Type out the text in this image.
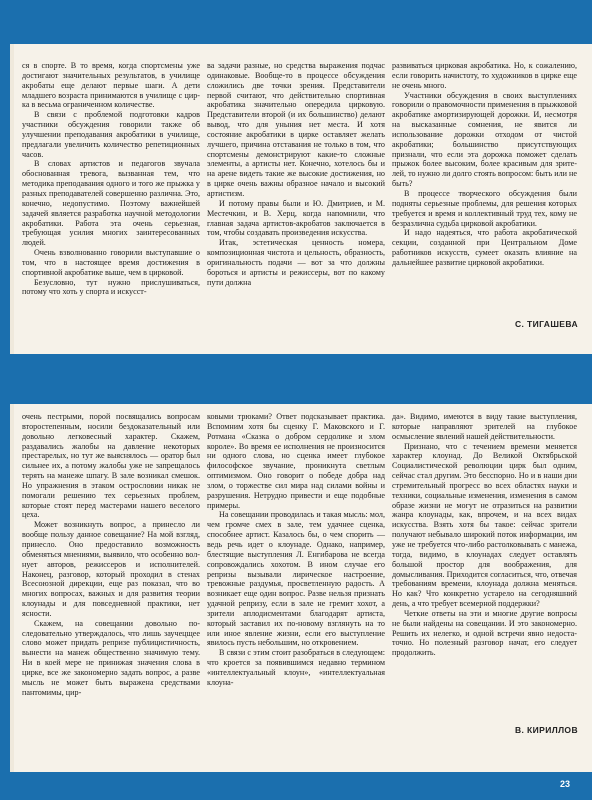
ся в спорте. В то время, когда спортсмены уже достигают значительных результатов, в училище акробаты еще делают первые шаги. А дети младшего возраста принимаются в училище с цирка в весьма ограниченном количестве.

В связи с проблемой подготовки кадров участники обсуждения говорили также об улучшении преподавания акробатики в училище, предлагали увеличить количество репетиционных часов.

В словах артистов и педагогов звучала обоснованная тревога, вызванная тем, что методика преподавания одного и того же прыжка у разных преподавателей совершенно различна. Это, конечно, недопустимо. Поэтому важнейшей задачей является разработка научной методологии акробатики. Работа эта очень серьезная, требующая усилия многих заинтересованных людей.

Очень взволнованно говорили выступавшие о том, что в настоящее время достижения в спортивной акробатике выше, чем в цирковой.

Безусловно, тут нужно прислушиваться, потому что хоть у спорта и искусст-

ва задачи разные, но средства выражения подчас одинаковые. Вообще-то в процессе обсуждения сложились две точки зрения. Представители первой считают, что действительно спортивная акробатика значительно опередила цирковую. Представители второй (и их большинство) делают вывод, что для уныния нет места. И хотя состояние акробатики в цирке оставляет желать лучшего, причина отставания не только в том, что спортсмены демонстрируют какие-то сложные элементы, а артисты нет. Конечно, хотелось бы и на арене видеть такие же высокие достижения, но в цирке очень важны образное начало и высокий артистизм.

И потому правы были и Ю. Дмитриев, и М. Местечкин, и В. Херц, когда напомнили, что главная задача артистов-акробатов заключается в том, чтобы создавать произведения искусства.

Итак, эстетическая ценность номера, композиционная чистота и цельность, образность, оригинальность подачи — вот за что должны бороться и артисты и режиссеры, вот по какому пути должна

развиваться цирковая акробатика. Но, к сожалению, если говорить начистоту, то художников в цирке еще не очень много.

Участники обсуждения в своих выступлениях говорили о правомочности применения в прыжковой акробатике амортизирующей дорожки. И, несмотря на высказанные сомнения, не явится ли использование дорожки отходом от чистой акробатики; большинство присутствующих признали, что если эта дорожка поможет сделать прыжок более высоким, более красивым для зрителей, то нужно ли долго стоять вопросом: быть или не быть?

В процессе творческого обсуждения были подняты серьезные проблемы, для решения которых требуется и время и коллективный труд тех, кому не безразлична судьба цирковой акробатики.

И надо надеяться, что работа акробатической секции, созданной при Центральном Доме работников искусств, сумеет оказать влияние на дальнейшее развитие цирковой акробатики.

С. ТИГАШЕВА

очень пестрыми, порой посвящались вопросам второстепенным, носили бездоказательный или довольно легковесный характер. Скажем, раздавались жалобы на давление некоторых престарелых, но тут же выяснялось — оратор был сильнее их, а потому жалобы уже не запрещалось терять на манеже шпагу. В зале возникал смешок. Но упражнения в этаком острословии никак не помогали решению тех серьезных проблем, которые стоят перед мастерами нашего веселого цеха.

Может возникнуть вопрос, а принесло ли вообще пользу данное совещание? На мой взгляд, принесло. Оно предоставило возможность обменяться мнениями, выявило, что особенно волнует авторов, режиссеров и исполнителей. Наконец, разговор, который проходил в стенах Всесоюзной дирекции, еще раз показал, что во многих вопросах, важных и для развития теории клоунады и для повседневной практики, нет ясности.

Скажем, на совещании довольно последовательно утверждалось, что лишь заучецщее слово может придать репризе публицистичность, вынести на манеж общественно значимую тему. Ни в коей мере не принижая значения слова в цирке, все же закономерно задать вопрос, а разве мысль не может быть выражена средствами пантомимы, цир-

ковыми трюками? Ответ подсказывает практика. Вспомним хотя бы сценку Г. Маковского и Г. Ротмана «Сказка о добром сердолике и злом короле». Во время ее исполнения не произносится ни одного слова, но сценка имеет глубокое философское звучание, проникнута светлым оптимизмом. Оно говорит о победе добра над злом, о торжестве сил мира над силами войны и разрушения. Нетрудно привести и еще подобные примеры.

На совещании проводилась и такая мысль: мол, чем громче смех в зале, тем удачнее сценка, способнее артист. Казалось бы, о чем спорить — ведь речь идет о клоунаде. Однако, например, блестящие выступления Л. Енгибарова не всегда сопровождались хохотом. В ином случае его репризы вызывали лирическое настроение, тревожные раздумья, просветленную радость. А возникает еще один вопрос. Разве нельзя признать удачной репризу, если в зале не гремит хохот, а зрители аплодисментами благодарят артиста, который заставил их по-новому взглянуть на то или иное явление жизни, если его выступление явилось пусть небольшим, но откровением.

В связи с этим стоит разобраться в следующем: что кроется за появившимся недавно термином «интеллектуальный клоун», «интеллектуальная клоуна-

да». Видимо, имеются в виду такие выступления, которые направляют зрителей на глубокое осмысление явлений нашей действительности.

Признано, что с течением времени меняется характер клоунад. До Великой Октябрьской Социалистической революции цирк был одним, сейчас стал другим. Это бесспорно. Но и в наши дни стремительный прогресс во всех областях науки и техники, социальные изменения, изменения в самом образе жизни не могут не отразиться на развитии жанра клоунады, как, впрочем, и на всех видах искусства. Взять хотя бы такое: сейчас зрители получают небывало широкий поток информации, им уже не требуется что-либо растолковывать с манежа, тогда, видимо, в клоунадах следует оставлять большой простор для воображения, для домысливания. Приходится согласиться, что, отвечая требованиям времени, клоунада должна меняться. Но как? Что конкретно устарело на сегодняшний день, а что требует всемерной поддержки?

Четкие ответы на эти и многие другие вопросы не были найдены на совещании. И это закономерно. Решить их нелегко, и одной встречи явно недостаточно. Но полезный разговор начат, его следует продолжить.

В. КИРИЛЛОВ
23
